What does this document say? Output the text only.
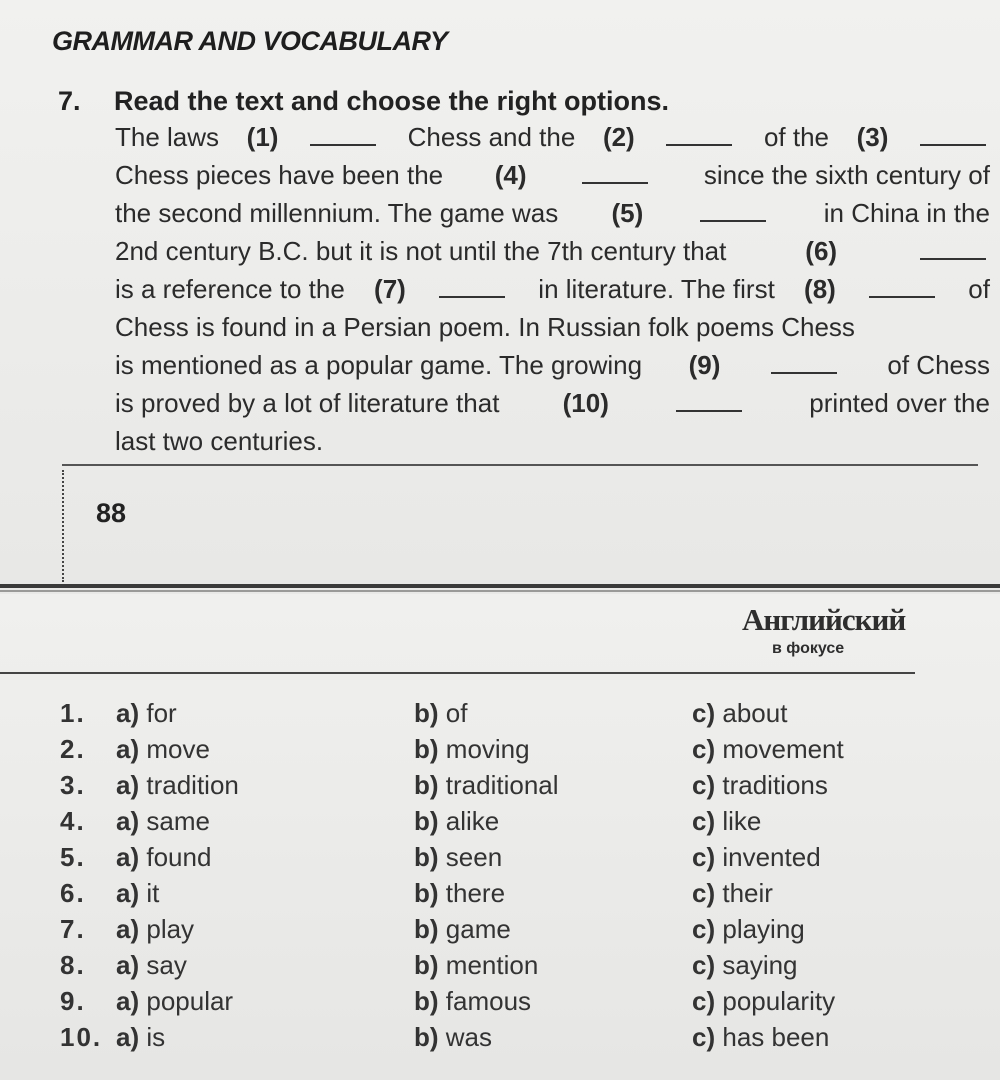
GRAMMAR AND VOCABULARY
7. Read the text and choose the right options.
The laws (1)	Chess and the (2)	of the (3)
Chess pieces have been the (4)	since the sixth century of
the second millennium. The game was (5)	in China in the
2nd century B.C. but it is not until the 7th century that	(6)
is a reference to the (7)	in literature. The first (8)	of
Chess is found in a Persian poem. In Russian folk poems Chess
is mentioned as a popular game. The growing (9)	of Chess
is proved by a lot of literature that (10)	printed over the
last two centuries.
88
Английский
в фокусе
1. a) for	b) of	c) about
2. a) move	b) moving	c) movement
3. a) tradition	b) traditional	c) traditions
4. a) same	b) alike	c) like
5. a) found	b) seen	c) invented
6. a) it	b) there	c) their
7. a) play	b) game	c) playing
8. a) say	b) mention	c) saying
9. a) popular	b) famous	c) popularity
10. a) is	b) was	c) has been
